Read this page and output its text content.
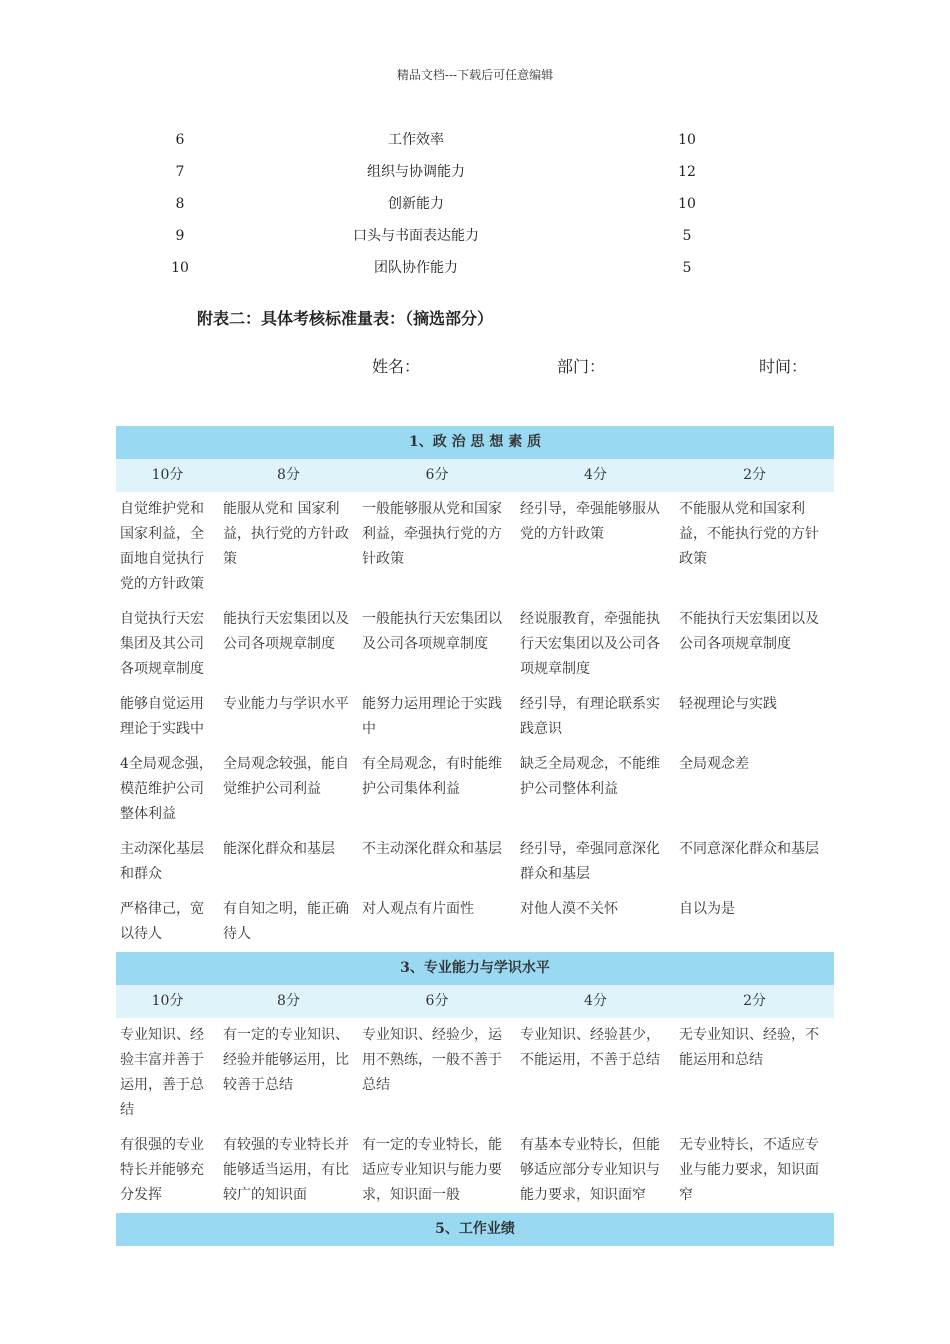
精品文档---下载后可任意编辑
6	工作效率	10
7	组织与协调能力	12
8	创新能力	10
9	口头与书面表达能力	5
10	团队协作能力	5
附表二：具体考核标准量表：（摘选部分）
姓名：	部门：	时间：
1、政 治 思 想 素 质				
10分	8分	6分	4分	2分
自觉维护党和国家利益，全面地自觉执行党的方针政策	能服从党和 国家利益，执行党的方针政策	一般能够服从党和国家利益，牵强执行党的方针政策	经引导，牵强能够服从党的方针政策	不能服从党和国家利益，不能执行党的方针政策
自觉执行天宏集团及其公司各项规章制度	能执行天宏集团以及公司各项规章制度	一般能执行天宏集团以及公司各项规章制度	经说服教育，牵强能执行天宏集团以及公司各项规章制度	不能执行天宏集团以及公司各项规章制度
能够自觉运用理论于实践中	专业能力与学识水平	能努力运用理论于实践中	经引导，有理论联系实践意识	轻视理论与实践
4全局观念强，模范维护公司整体利益	全局观念较强，能自觉维护公司利益	有全局观念，有时能维护公司集体利益	缺乏全局观念，不能维护公司整体利益	全局观念差
主动深化基层和群众	能深化群众和基层	不主动深化群众和基层	经引导，牵强同意深化群众和基层	不同意深化群众和基层
严格律己，宽以待人	有自知之明，能正确待人	对人观点有片面性	对他人漠不关怀	自以为是
3、专业能力与学识水平				
10分	8分	6分	4分	2分
专业知识、经验丰富并善于运用，善于总结	有一定的专业知识、经验并能够运用，比较善于总结	专业知识、经验少，运用不熟练，一般不善于总结	专业知识、经验甚少，不能运用，不善于总结	无专业知识、经验，不能运用和总结
有很强的专业特长并能够充分发挥	有较强的专业特长并能够适当运用，有比较广的知识面	有一定的专业特长，能适应专业知识与能力要求，知识面一般	有基本专业特长，但能够适应部分专业知识与能力要求，知识面窄	无专业特长，不适应专业与能力要求，知识面窄
5、工作业绩				
